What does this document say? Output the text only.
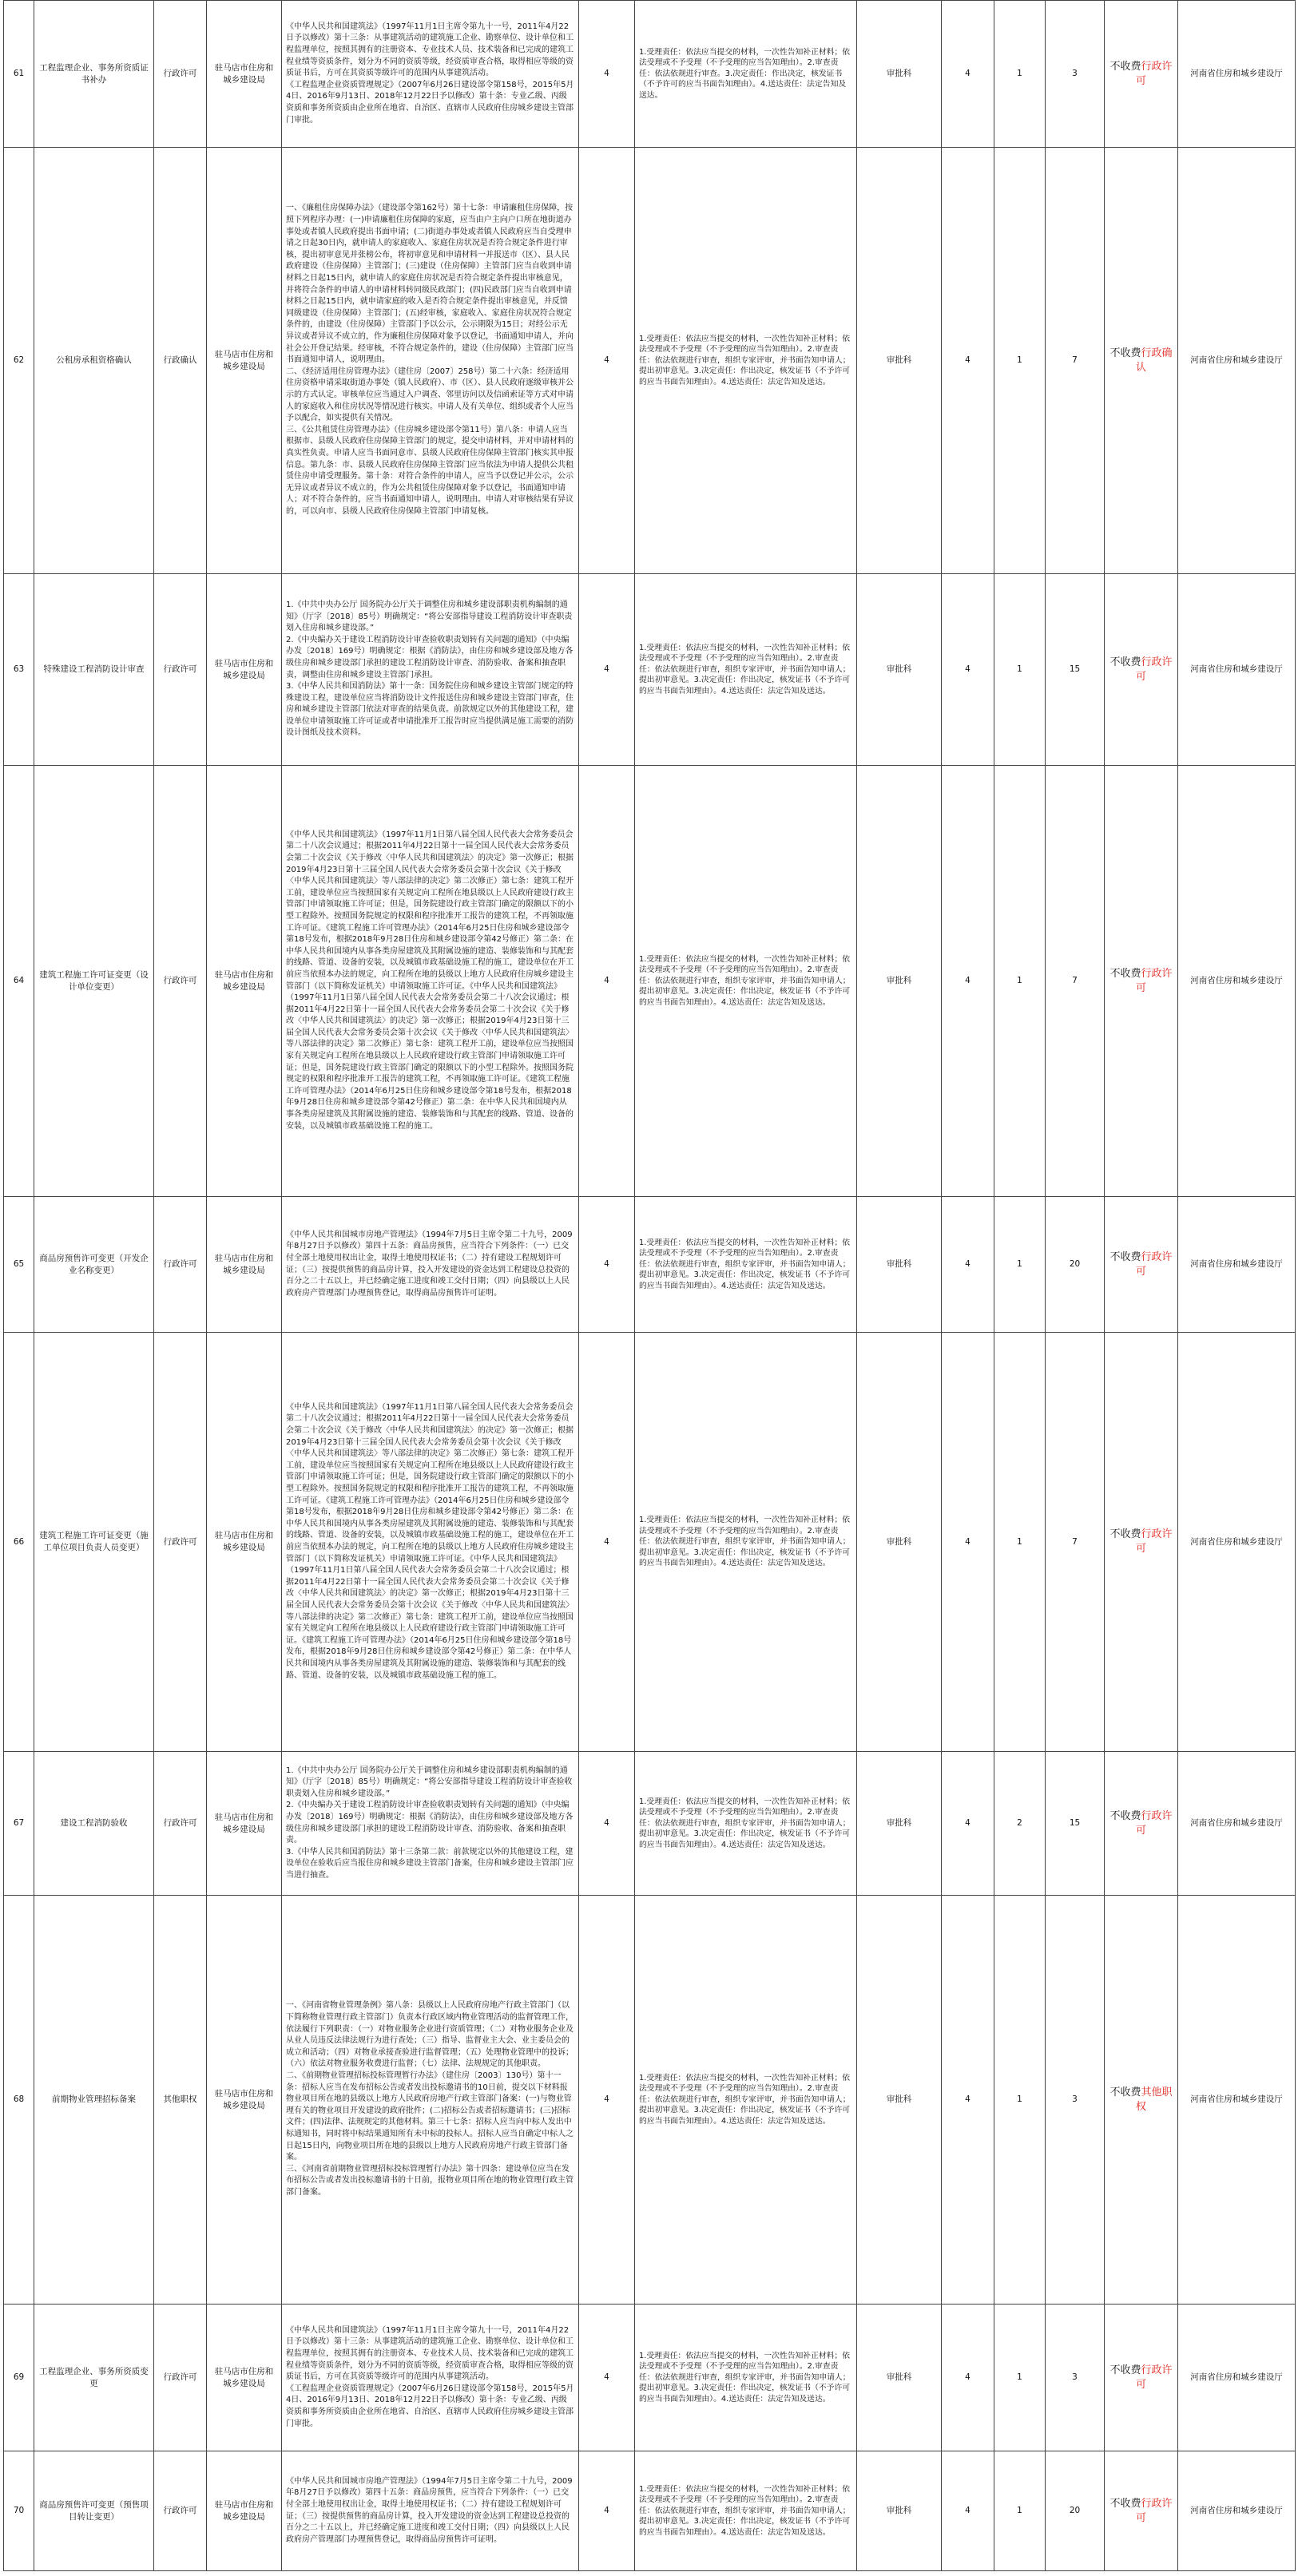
61	工程监理企业、事务所资质证书补办	行政许可	驻马店市住房和城乡建设局	《中华人民共和国建筑法》（1997年11月1日主席令第九十一号，2011年4月22日予以修改）第十三条：从事建筑活动的建筑施工企业、勘察单位、设计单位和工程监理单位，按照其拥有的注册资本、专业技术人员、技术装备和已完成的建筑工程业绩等资质条件，划分为不同的资质等级，经资质审查合格，取得相应等级的资质证书后，方可在其资质等级许可的范围内从事建筑活动。
《工程监理企业资质管理规定》（2007年6月26日建设部令第158号，2015年5月4日、2016年9月13日、2018年12月22日予以修改）第十条：专业乙级、丙级资质和事务所资质由企业所在地省、自治区、直辖市人民政府住房城乡建设主管部门审批。	4	1.受理责任：依法应当提交的材料，一次性告知补正材料；依法受理或不予受理（不予受理的应当告知理由）。2.审查责任：依法依规进行审查。3.决定责任：作出决定，核发证书（不予许可的应当书面告知理由）。4.送达责任：法定告知及送达。	审批科	4	1	3	不收费行政许可	河南省住房和城乡建设厅
62	公租房承租资格确认	行政确认	驻马店市住房和城乡建设局	一、《廉租住房保障办法》（建设部令第162号）第十七条：申请廉租住房保障，按照下列程序办理：(一)申请廉租住房保障的家庭，应当由户主向户口所在地街道办事处或者镇人民政府提出书面申请；(二)街道办事处或者镇人民政府应当自受理申请之日起30日内，就申请人的家庭收入、家庭住房状况是否符合规定条件进行审核，提出初审意见并张榜公布，将初审意见和申请材料一并报送市（区）、县人民政府建设（住房保障）主管部门；(三)建设（住房保障）主管部门应当自收到申请材料之日起15日内，就申请人的家庭住房状况是否符合规定条件提出审核意见，并将符合条件的申请人的申请材料转同级民政部门；(四)民政部门应当自收到申请材料之日起15日内，就申请家庭的收入是否符合规定条件提出审核意见，并反馈同级建设（住房保障）主管部门；(五)经审核，家庭收入、家庭住房状况符合规定条件的，由建设（住房保障）主管部门予以公示，公示期限为15日；对经公示无异议或者异议不成立的，作为廉租住房保障对象予以登记，书面通知申请人，并向社会公开登记结果。经审核，不符合规定条件的，建设（住房保障）主管部门应当书面通知申请人，说明理由。
二、《经济适用住房管理办法》（建住房〔2007〕258号）第二十六条：经济适用住房资格申请采取街道办事处（镇人民政府）、市（区）、县人民政府逐级审核并公示的方式认定。审核单位应当通过入户调查、邻里访问以及信函索证等方式对申请人的家庭收入和住房状况等情况进行核实。申请人及有关单位、组织或者个人应当予以配合，如实提供有关情况。
三、《公共租赁住房管理办法》（住房城乡建设部令第11号）第八条：申请人应当根据市、县级人民政府住房保障主管部门的规定，提交申请材料，并对申请材料的真实性负责。申请人应当书面同意市、县级人民政府住房保障主管部门核实其申报信息。第九条：市、县级人民政府住房保障主管部门应当依法为申请人提供公共租赁住房申请受理服务。第十条：对符合条件的申请人，应当予以登记并公示，公示无异议或者异议不成立的，作为公共租赁住房保障对象予以登记，书面通知申请人；对不符合条件的，应当书面通知申请人，说明理由。申请人对审核结果有异议的，可以向市、县级人民政府住房保障主管部门申请复核。	4	1.受理责任：依法应当提交的材料，一次性告知补正材料；依法受理或不予受理（不予受理的应当告知理由）。2.审查责任：依法依规进行审查，组织专家评审，并书面告知申请人；提出初审意见。3.决定责任：作出决定，核发证书（不予许可的应当书面告知理由）。4.送达责任：法定告知及送达。	审批科	4	1	7	不收费行政确认	河南省住房和城乡建设厅
63	特殊建设工程消防设计审查	行政许可	驻马店市住房和城乡建设局	1.《中共中央办公厅 国务院办公厅关于调整住房和城乡建设部职责机构编制的通知》（厅字〔2018〕85号）明确规定：“将公安部指导建设工程消防设计审查职责划入住房和城乡建设部。”
2.《中央编办关于建设工程消防设计审查验收职责划转有关问题的通知》（中央编办发〔2018〕169号）明确规定：根据《消防法》，由住房和城乡建设部及地方各级住房和城乡建设部门承担的建设工程消防设计审查、消防验收、备案和抽查职责，调整由住房和城乡建设主管部门承担。
3.《中华人民共和国消防法》第十一条：国务院住房和城乡建设主管部门规定的特殊建设工程，建设单位应当将消防设计文件报送住房和城乡建设主管部门审查，住房和城乡建设主管部门依法对审查的结果负责。前款规定以外的其他建设工程，建设单位申请领取施工许可证或者申请批准开工报告时应当提供满足施工需要的消防设计图纸及技术资料。	4	1.受理责任：依法应当提交的材料，一次性告知补正材料；依法受理或不予受理（不予受理的应当告知理由）。2.审查责任：依法依规进行审查，组织专家评审，并书面告知申请人；提出初审意见。3.决定责任：作出决定，核发证书（不予许可的应当书面告知理由）。4.送达责任：法定告知及送达。	审批科	4	1	15	不收费行政许可	河南省住房和城乡建设厅
64	建筑工程施工许可证变更（设计单位变更）	行政许可	驻马店市住房和城乡建设局	《中华人民共和国建筑法》（1997年11月1日第八届全国人民代表大会常务委员会第二十八次会议通过；根据2011年4月22日第十一届全国人民代表大会常务委员会第二十次会议《关于修改〈中华人民共和国建筑法〉的决定》第一次修正；根据2019年4月23日第十三届全国人民代表大会常务委员会第十次会议《关于修改〈中华人民共和国建筑法〉等八部法律的决定》第二次修正）第七条：建筑工程开工前，建设单位应当按照国家有关规定向工程所在地县级以上人民政府建设行政主管部门申请领取施工许可证；但是，国务院建设行政主管部门确定的限额以下的小型工程除外。按照国务院规定的权限和程序批准开工报告的建筑工程，不再领取施工许可证。《建筑工程施工许可管理办法》（2014年6月25日住房和城乡建设部令第18号发布，根据2018年9月28日住房和城乡建设部令第42号修正）第二条：在中华人民共和国境内从事各类房屋建筑及其附属设施的建造、装修装饰和与其配套的线路、管道、设备的安装，以及城镇市政基础设施工程的施工，建设单位在开工前应当依照本办法的规定，向工程所在地的县级以上地方人民政府住房城乡建设主管部门（以下简称发证机关）申请领取施工许可证。《中华人民共和国建筑法》（1997年11月1日第八届全国人民代表大会常务委员会第二十八次会议通过；根据2011年4月22日第十一届全国人民代表大会常务委员会第二十次会议《关于修改〈中华人民共和国建筑法〉的决定》第一次修正；根据2019年4月23日第十三届全国人民代表大会常务委员会第十次会议《关于修改〈中华人民共和国建筑法〉等八部法律的决定》第二次修正）第七条：建筑工程开工前，建设单位应当按照国家有关规定向工程所在地县级以上人民政府建设行政主管部门申请领取施工许可证；但是，国务院建设行政主管部门确定的限额以下的小型工程除外。按照国务院规定的权限和程序批准开工报告的建筑工程，不再领取施工许可证。《建筑工程施工许可管理办法》（2014年6月25日住房和城乡建设部令第18号发布，根据2018年9月28日住房和城乡建设部令第42号修正）第二条：在中华人民共和国境内从事各类房屋建筑及其附属设施的建造、装修装饰和与其配套的线路、管道、设备的安装，以及城镇市政基础设施工程的施工。	4	1.受理责任：依法应当提交的材料，一次性告知补正材料；依法受理或不予受理（不予受理的应当告知理由）。2.审查责任：依法依规进行审查，组织专家评审，并书面告知申请人；提出初审意见。3.决定责任：作出决定，核发证书（不予许可的应当书面告知理由）。4.送达责任：法定告知及送达。	审批科	4	1	7	不收费行政许可	河南省住房和城乡建设厅
65	商品房预售许可变更（开发企业名称变更）	行政许可	驻马店市住房和城乡建设局	《中华人民共和国城市房地产管理法》（1994年7月5日主席令第二十九号，2009年8月27日予以修改）第四十五条：商品房预售，应当符合下列条件：（一）已交付全部土地使用权出让金，取得土地使用权证书；（二）持有建设工程规划许可证；（三）按提供预售的商品房计算，投入开发建设的资金达到工程建设总投资的百分之二十五以上，并已经确定施工进度和竣工交付日期；（四）向县级以上人民政府房产管理部门办理预售登记，取得商品房预售许可证明。	4	1.受理责任：依法应当提交的材料，一次性告知补正材料；依法受理或不予受理（不予受理的应当告知理由）。2.审查责任：依法依规进行审查，组织专家评审，并书面告知申请人；提出初审意见。3.决定责任：作出决定，核发证书（不予许可的应当书面告知理由）。4.送达责任：法定告知及送达。	审批科	4	1	20	不收费行政许可	河南省住房和城乡建设厅
66	建筑工程施工许可证变更（施工单位项目负责人员变更）	行政许可	驻马店市住房和城乡建设局	《中华人民共和国建筑法》（1997年11月1日第八届全国人民代表大会常务委员会第二十八次会议通过；根据2011年4月22日第十一届全国人民代表大会常务委员会第二十次会议《关于修改〈中华人民共和国建筑法〉的决定》第一次修正；根据2019年4月23日第十三届全国人民代表大会常务委员会第十次会议《关于修改〈中华人民共和国建筑法〉等八部法律的决定》第二次修正）第七条：建筑工程开工前，建设单位应当按照国家有关规定向工程所在地县级以上人民政府建设行政主管部门申请领取施工许可证；但是，国务院建设行政主管部门确定的限额以下的小型工程除外。按照国务院规定的权限和程序批准开工报告的建筑工程，不再领取施工许可证。《建筑工程施工许可管理办法》（2014年6月25日住房和城乡建设部令第18号发布，根据2018年9月28日住房和城乡建设部令第42号修正）第二条：在中华人民共和国境内从事各类房屋建筑及其附属设施的建造、装修装饰和与其配套的线路、管道、设备的安装，以及城镇市政基础设施工程的施工，建设单位在开工前应当依照本办法的规定，向工程所在地的县级以上地方人民政府住房城乡建设主管部门（以下简称发证机关）申请领取施工许可证。《中华人民共和国建筑法》（1997年11月1日第八届全国人民代表大会常务委员会第二十八次会议通过；根据2011年4月22日第十一届全国人民代表大会常务委员会第二十次会议《关于修改〈中华人民共和国建筑法〉的决定》第一次修正；根据2019年4月23日第十三届全国人民代表大会常务委员会第十次会议《关于修改〈中华人民共和国建筑法〉等八部法律的决定》第二次修正）第七条：建筑工程开工前，建设单位应当按照国家有关规定向工程所在地县级以上人民政府建设行政主管部门申请领取施工许可证。《建筑工程施工许可管理办法》（2014年6月25日住房和城乡建设部令第18号发布，根据2018年9月28日住房和城乡建设部令第42号修正）第二条：在中华人民共和国境内从事各类房屋建筑及其附属设施的建造、装修装饰和与其配套的线路、管道、设备的安装，以及城镇市政基础设施工程的施工。	4	1.受理责任：依法应当提交的材料，一次性告知补正材料；依法受理或不予受理（不予受理的应当告知理由）。2.审查责任：依法依规进行审查，组织专家评审，并书面告知申请人；提出初审意见。3.决定责任：作出决定，核发证书（不予许可的应当书面告知理由）。4.送达责任：法定告知及送达。	审批科	4	1	7	不收费行政许可	河南省住房和城乡建设厅
67	建设工程消防验收	行政许可	驻马店市住房和城乡建设局	1.《中共中央办公厅 国务院办公厅关于调整住房和城乡建设部职责机构编制的通知》（厅字〔2018〕85号）明确规定：“将公安部指导建设工程消防设计审查验收职责划入住房和城乡建设部。”
2.《中央编办关于建设工程消防设计审查验收职责划转有关问题的通知》（中央编办发〔2018〕169号）明确规定：根据《消防法》，由住房和城乡建设部及地方各级住房和城乡建设部门承担的建设工程消防设计审查、消防验收、备案和抽查职责。
3.《中华人民共和国消防法》第十三条第二款：前款规定以外的其他建设工程，建设单位在验收后应当报住房和城乡建设主管部门备案，住房和城乡建设主管部门应当进行抽查。	4	1.受理责任：依法应当提交的材料，一次性告知补正材料；依法受理或不予受理（不予受理的应当告知理由）。2.审查责任：依法依规进行审查，组织专家评审，并书面告知申请人；提出初审意见。3.决定责任：作出决定，核发证书（不予许可的应当书面告知理由）。4.送达责任：法定告知及送达。	审批科	4	2	15	不收费行政许可	河南省住房和城乡建设厅
68	前期物业管理招标备案	其他职权	驻马店市住房和城乡建设局	一、《河南省物业管理条例》第八条：县级以上人民政府房地产行政主管部门（以下简称物业管理行政主管部门）负责本行政区域内物业管理活动的监督管理工作，依法履行下列职责：（一）对物业服务企业进行资质管理；（二）对物业服务企业及从业人员违反法律法规行为进行查处；（三）指导、监督业主大会、业主委员会的成立和活动；（四）对物业承接查验进行监督管理；（五）处理物业管理中的投诉；（六）依法对物业服务收费进行监督；（七）法律、法规规定的其他职责。
二、《前期物业管理招标投标管理暂行办法》（建住房〔2003〕130号）第十一条：招标人应当在发布招标公告或者发出投标邀请书的10日前，提交以下材料报物业项目所在地的县级以上地方人民政府房地产行政主管部门备案：(一)与物业管理有关的物业项目开发建设的政府批件；(二)招标公告或者招标邀请书；(三)招标文件；(四)法律、法规规定的其他材料。第三十七条：招标人应当向中标人发出中标通知书，同时将中标结果通知所有未中标的投标人。招标人应当自确定中标人之日起15日内，向物业项目所在地的县级以上地方人民政府房地产行政主管部门备案。
三、《河南省前期物业管理招标投标管理暂行办法》第十四条：建设单位应当在发布招标公告或者发出投标邀请书的十日前，报物业项目所在地的物业管理行政主管部门备案。	4	1.受理责任：依法应当提交的材料，一次性告知补正材料；依法受理或不予受理（不予受理的应当告知理由）。2.审查责任：依法依规进行审查，组织专家评审，并书面告知申请人；提出初审意见。3.决定责任：作出决定，核发证书（不予许可的应当书面告知理由）。4.送达责任：法定告知及送达。	审批科	4	1	3	不收费其他职权	河南省住房和城乡建设厅
69	工程监理企业、事务所资质变更	行政许可	驻马店市住房和城乡建设局	《中华人民共和国建筑法》（1997年11月1日主席令第九十一号，2011年4月22日予以修改）第十三条：从事建筑活动的建筑施工企业、勘察单位、设计单位和工程监理单位，按照其拥有的注册资本、专业技术人员、技术装备和已完成的建筑工程业绩等资质条件，划分为不同的资质等级，经资质审查合格，取得相应等级的资质证书后，方可在其资质等级许可的范围内从事建筑活动。
《工程监理企业资质管理规定》（2007年6月26日建设部令第158号，2015年5月4日、2016年9月13日、2018年12月22日予以修改）第十条：专业乙级、丙级资质和事务所资质由企业所在地省、自治区、直辖市人民政府住房城乡建设主管部门审批。	4	1.受理责任：依法应当提交的材料，一次性告知补正材料；依法受理或不予受理（不予受理的应当告知理由）。2.审查责任：依法依规进行审查，组织专家评审，并书面告知申请人；提出初审意见。3.决定责任：作出决定，核发证书（不予许可的应当书面告知理由）。4.送达责任：法定告知及送达。	审批科	4	1	3	不收费行政许可	河南省住房和城乡建设厅
70	商品房预售许可变更（预售项目转让变更）	行政许可	驻马店市住房和城乡建设局	《中华人民共和国城市房地产管理法》（1994年7月5日主席令第二十九号，2009年8月27日予以修改）第四十五条：商品房预售，应当符合下列条件：（一）已交付全部土地使用权出让金，取得土地使用权证书；（二）持有建设工程规划许可证；（三）按提供预售的商品房计算，投入开发建设的资金达到工程建设总投资的百分之二十五以上，并已经确定施工进度和竣工交付日期；（四）向县级以上人民政府房产管理部门办理预售登记，取得商品房预售许可证明。	4	1.受理责任：依法应当提交的材料，一次性告知补正材料；依法受理或不予受理（不予受理的应当告知理由）。2.审查责任：依法依规进行审查，组织专家评审，并书面告知申请人；提出初审意见。3.决定责任：作出决定，核发证书（不予许可的应当书面告知理由）。4.送达责任：法定告知及送达。	审批科	4	1	20	不收费行政许可	河南省住房和城乡建设厅
